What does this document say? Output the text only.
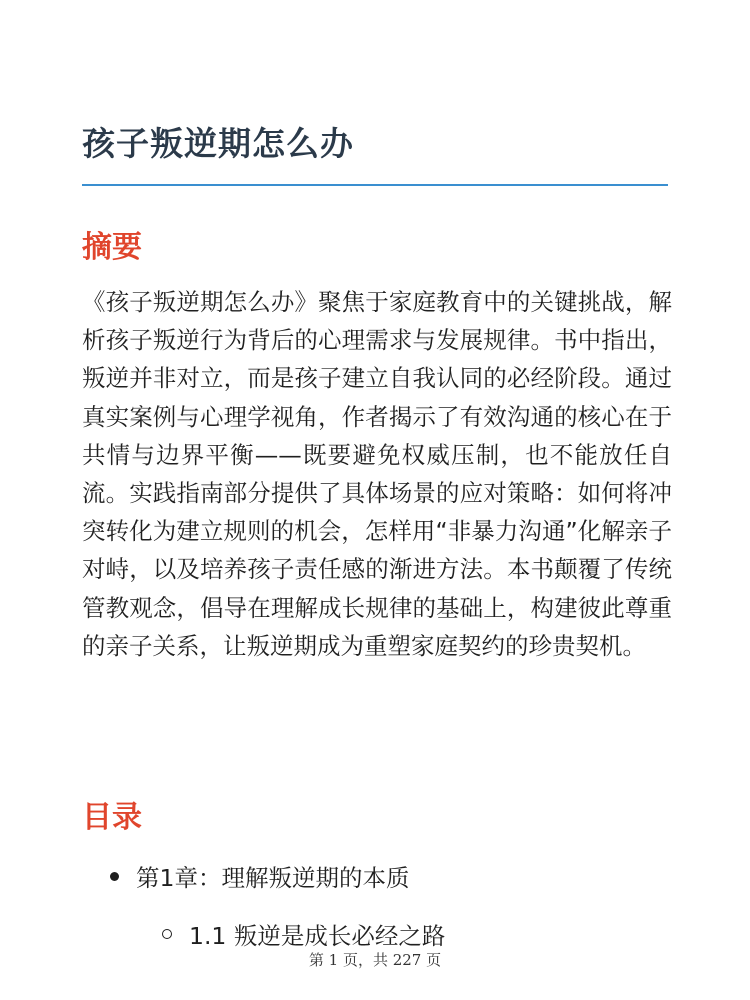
孩子叛逆期怎么办
摘要

《孩子叛逆期怎么办》聚焦于家庭教育中的关键挑战，解析孩子叛逆行为背后的心理需求与发展规律。书中指出，叛逆并非对立，而是孩子建立自我认同的必经阶段。通过真实案例与心理学视角，作者揭示了有效沟通的核心在于共情与边界平衡——既要避免权威压制，也不能放任自流。实践指南部分提供了具体场景的应对策略：如何将冲突转化为建立规则的机会，怎样用“非暴力沟通”化解亲子对峙，以及培养孩子责任感的渐进方法。本书颠覆了传统管教观念，倡导在理解成长规律的基础上，构建彼此尊重的亲子关系，让叛逆期成为重塑家庭契约的珍贵契机。

目录
第1章：理解叛逆期的本质
1.1 叛逆是成长必经之路
第 1 页，共 227 页
